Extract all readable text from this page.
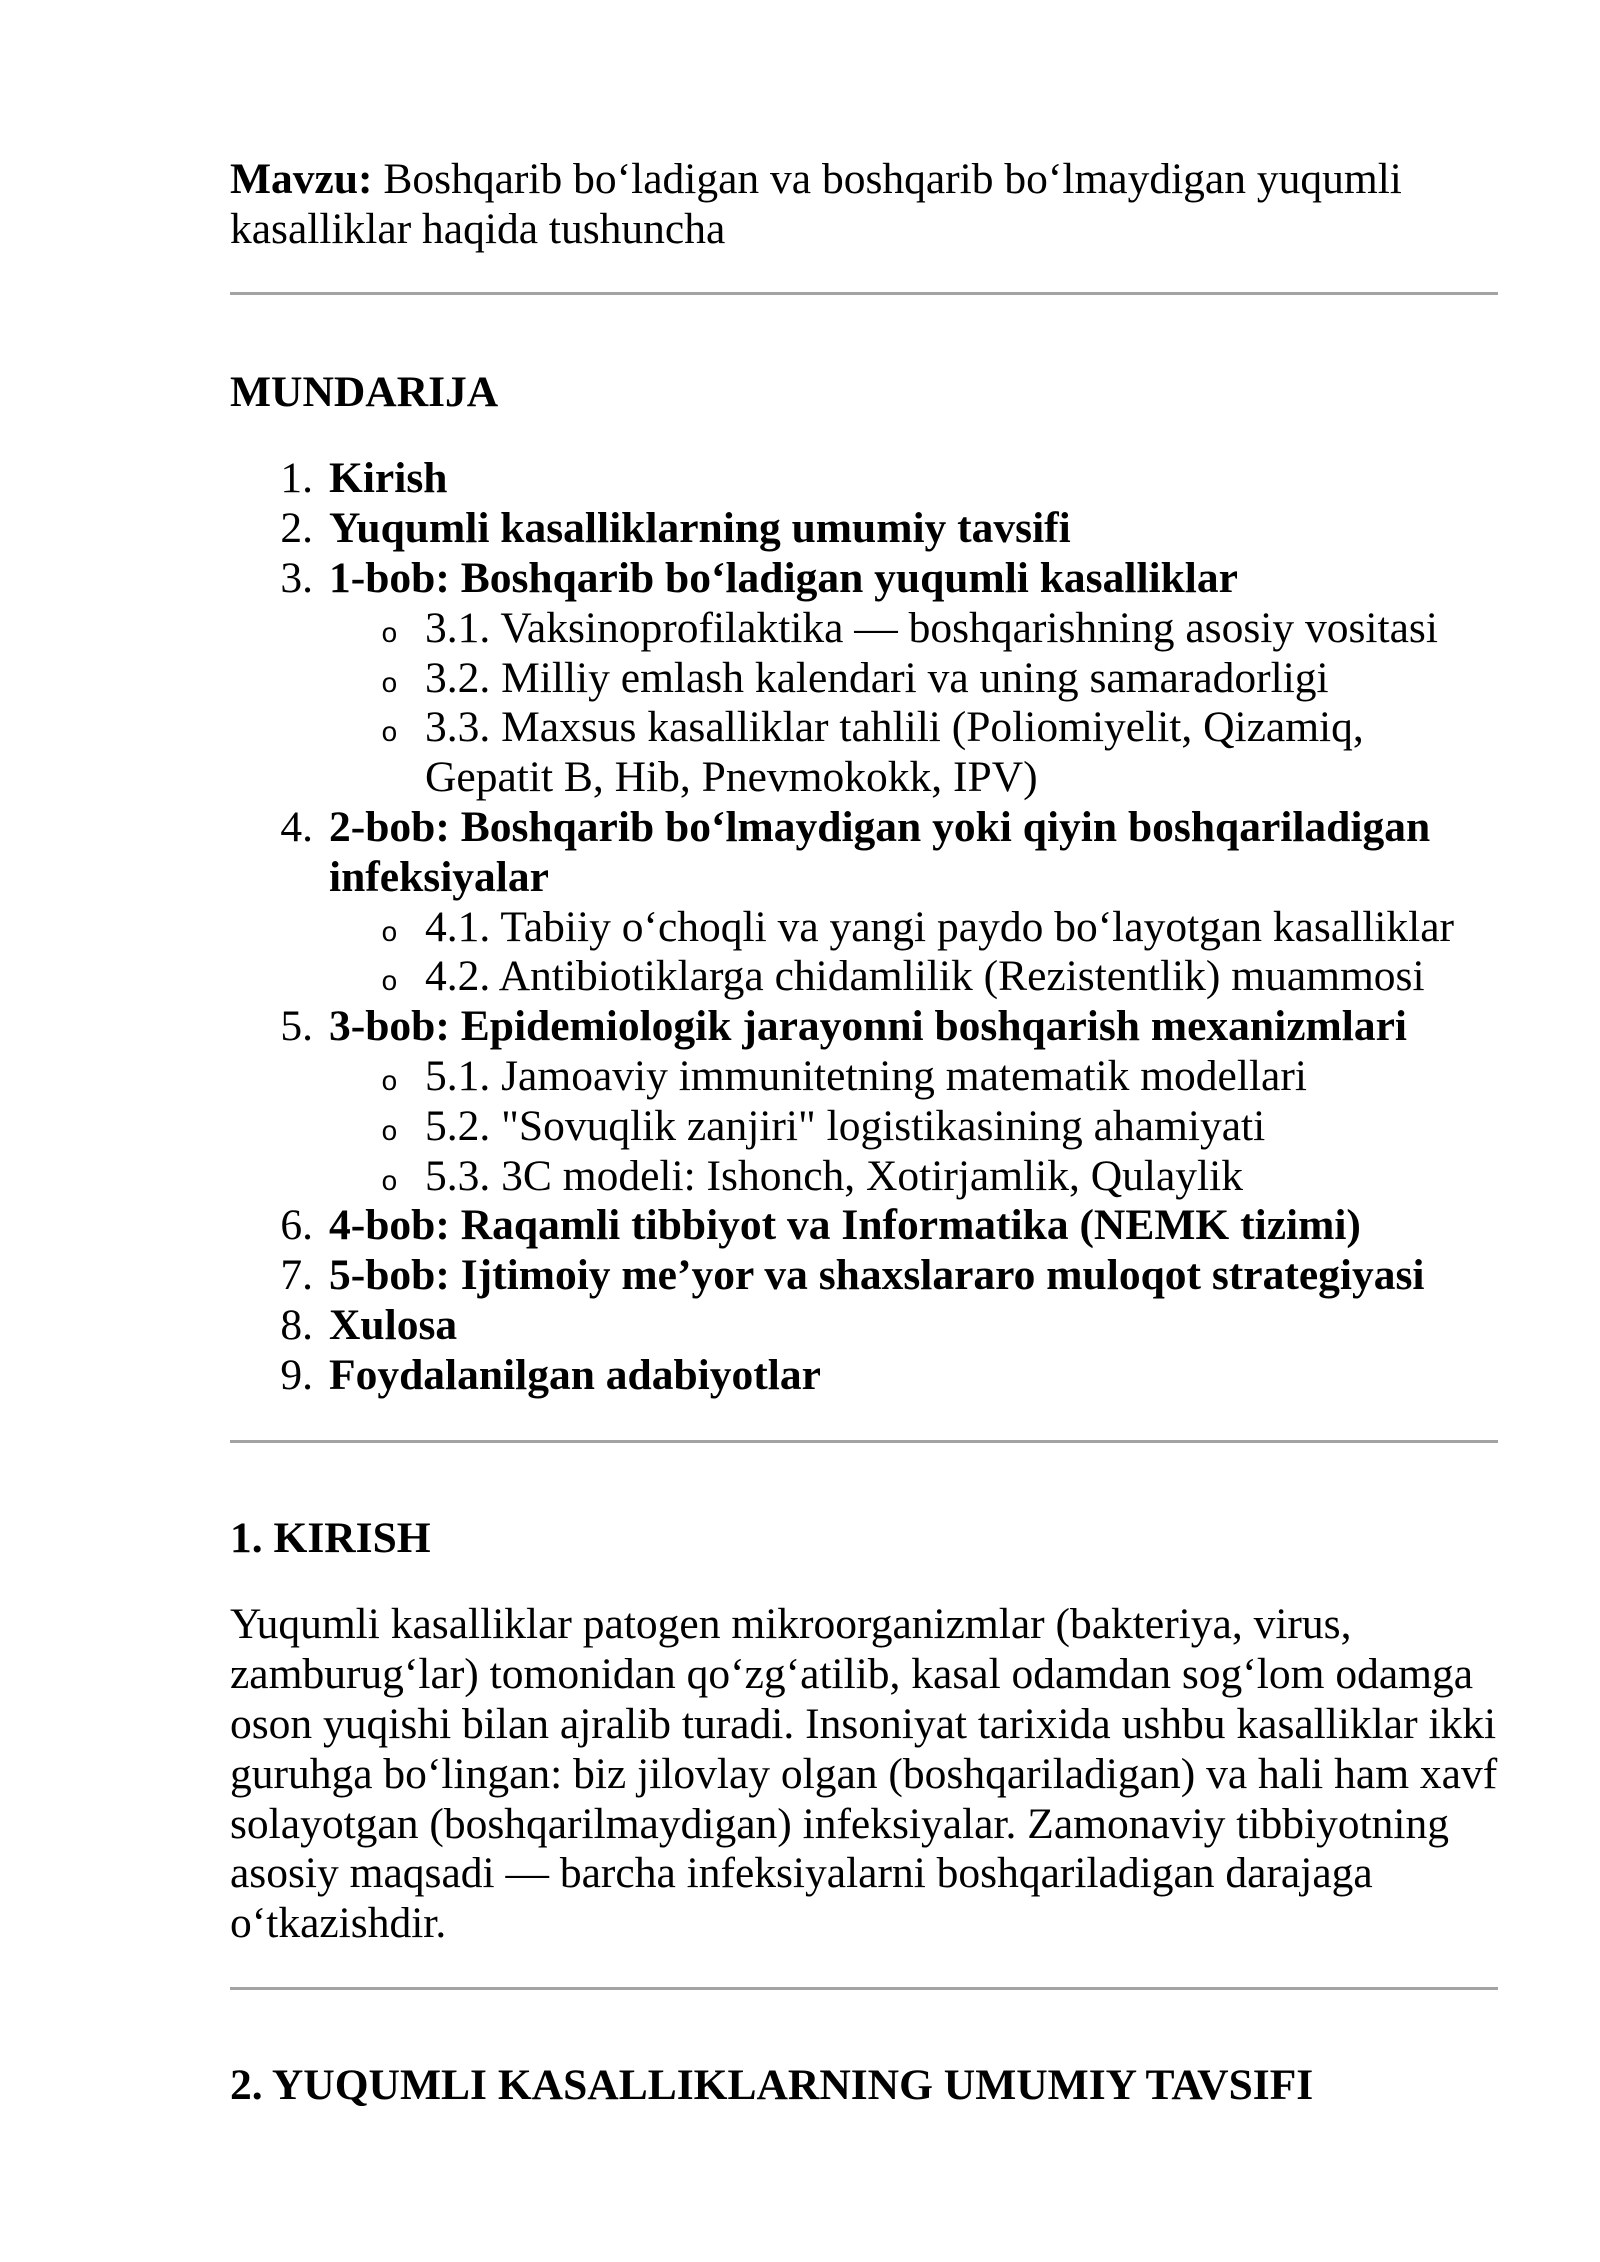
Mavzu: Boshqarib bo‘ladigan va boshqarib bo‘lmaydigan yuqumli
kasalliklar haqida tushuncha
MUNDARIJA
1. Kirish
2. Yuqumli kasalliklarning umumiy tavsifi
3. 1-bob: Boshqarib bo‘ladigan yuqumli kasalliklar
o 3.1. Vaksinoprofilaktika — boshqarishning asosiy vositasi
o 3.2. Milliy emlash kalendari va uning samaradorligi
o 3.3. Maxsus kasalliklar tahlili (Poliomiyelit, Qizamiq,
Gepatit B, Hib, Pnevmokokk, IPV)
4. 2-bob: Boshqarib bo‘lmaydigan yoki qiyin boshqariladigan
infeksiyalar
o 4.1. Tabiiy o‘choqli va yangi paydo bo‘layotgan kasalliklar
o 4.2. Antibiotiklarga chidamlilik (Rezistentlik) muammosi
5. 3-bob: Epidemiologik jarayonni boshqarish mexanizmlari
o 5.1. Jamoaviy immunitetning matematik modellari
o 5.2. "Sovuqlik zanjiri" logistikasining ahamiyati
o 5.3. 3C modeli: Ishonch, Xotirjamlik, Qulaylik
6. 4-bob: Raqamli tibbiyot va Informatika (NEMK tizimi)
7. 5-bob: Ijtimoiy me’yor va shaxslararo muloqot strategiyasi
8. Xulosa
9. Foydalanilgan adabiyotlar
1. KIRISH
Yuqumli kasalliklar patogen mikroorganizmlar (bakteriya, virus,
zamburug‘lar) tomonidan qo‘zg‘atilib, kasal odamdan sog‘lom odamga
oson yuqishi bilan ajralib turadi. Insoniyat tarixida ushbu kasalliklar ikki
guruhga bo‘lingan: biz jilovlay olgan (boshqariladigan) va hali ham xavf
solayotgan (boshqarilmaydigan) infeksiyalar. Zamonaviy tibbiyotning
asosiy maqsadi — barcha infeksiyalarni boshqariladigan darajaga
o‘tkazishdir.
2. YUQUMLI KASALLIKLARNING UMUMIY TAVSIFI
